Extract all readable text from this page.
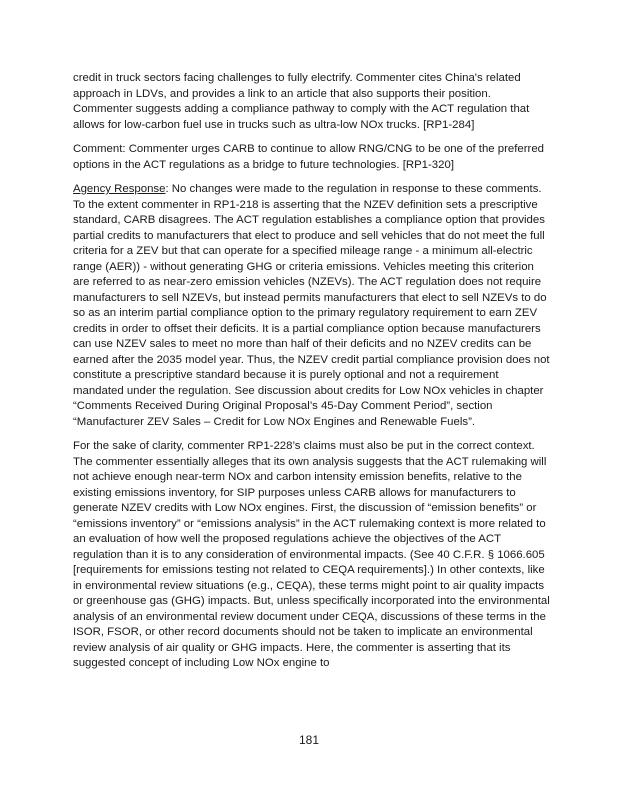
credit in truck sectors facing challenges to fully electrify. Commenter cites China's related approach in LDVs, and provides a link to an article that also supports their position. Commenter suggests adding a compliance pathway to comply with the ACT regulation that allows for low-carbon fuel use in trucks such as ultra-low NOx trucks. [RP1-284]

Comment: Commenter urges CARB to continue to allow RNG/CNG to be one of the preferred options in the ACT regulations as a bridge to future technologies. [RP1-320]

Agency Response: No changes were made to the regulation in response to these comments. To the extent commenter in RP1-218 is asserting that the NZEV definition sets a prescriptive standard, CARB disagrees. The ACT regulation establishes a compliance option that provides partial credits to manufacturers that elect to produce and sell vehicles that do not meet the full criteria for a ZEV but that can operate for a specified mileage range - a minimum all-electric range (AER)) - without generating GHG or criteria emissions. Vehicles meeting this criterion are referred to as near-zero emission vehicles (NZEVs). The ACT regulation does not require manufacturers to sell NZEVs, but instead permits manufacturers that elect to sell NZEVs to do so as an interim partial compliance option to the primary regulatory requirement to earn ZEV credits in order to offset their deficits. It is a partial compliance option because manufacturers can use NZEV sales to meet no more than half of their deficits and no NZEV credits can be earned after the 2035 model year. Thus, the NZEV credit partial compliance provision does not constitute a prescriptive standard because it is purely optional and not a requirement mandated under the regulation. See discussion about credits for Low NOx vehicles in chapter “Comments Received During Original Proposal’s 45-Day Comment Period”, section “Manufacturer ZEV Sales – Credit for Low NOx Engines and Renewable Fuels”.

For the sake of clarity, commenter RP1-228’s claims must also be put in the correct context. The commenter essentially alleges that its own analysis suggests that the ACT rulemaking will not achieve enough near-term NOx and carbon intensity emission benefits, relative to the existing emissions inventory, for SIP purposes unless CARB allows for manufacturers to generate NZEV credits with Low NOx engines. First, the discussion of “emission benefits” or “emissions inventory” or “emissions analysis” in the ACT rulemaking context is more related to an evaluation of how well the proposed regulations achieve the objectives of the ACT regulation than it is to any consideration of environmental impacts. (See 40 C.F.R. § 1066.605 [requirements for emissions testing not related to CEQA requirements].) In other contexts, like in environmental review situations (e.g., CEQA), these terms might point to air quality impacts or greenhouse gas (GHG) impacts. But, unless specifically incorporated into the environmental analysis of an environmental review document under CEQA, discussions of these terms in the ISOR, FSOR, or other record documents should not be taken to implicate an environmental review analysis of air quality or GHG impacts. Here, the commenter is asserting that its suggested concept of including Low NOx engine to

181
